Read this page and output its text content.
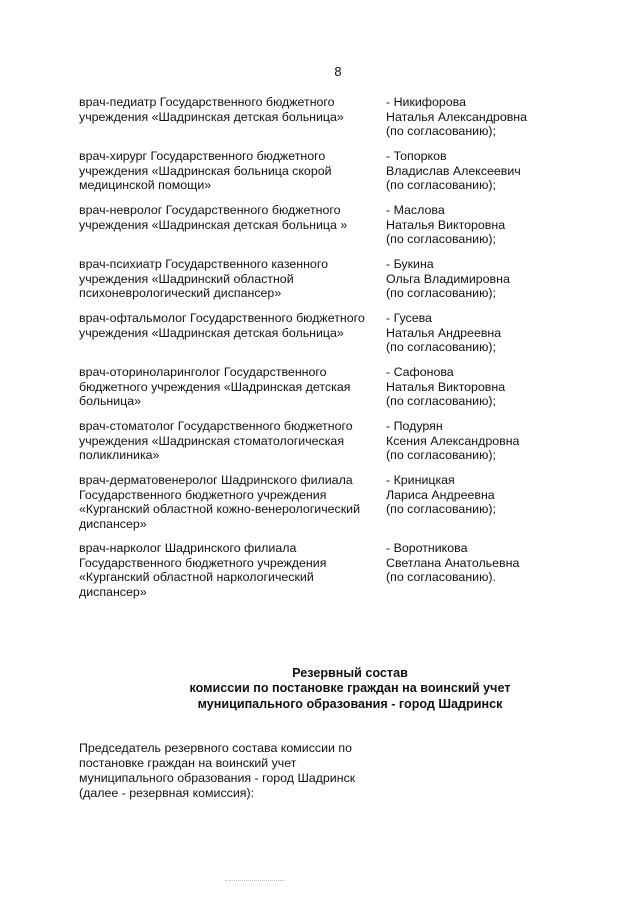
8
врач-педиатр Государственного бюджетного
учреждения «Шадринская детская больница»
- Никифорова
Наталья Александровна
(по согласованию);
врач-хирург Государственного бюджетного
учреждения «Шадринская больница скорой
медицинской помощи»
- Топорков
Владислав Алексеевич
(по согласованию);
врач-невролог Государственного бюджетного
учреждения «Шадринская детская больница »
- Маслова
Наталья Викторовна
(по согласованию);
врач-психиатр Государственного казенного
учреждения «Шадринский областной
психоневрологический диспансер»
- Букина
Ольга Владимировна
(по согласованию);
врач-офтальмолог Государственного бюджетного
учреждения «Шадринская детская больница»
- Гусева
Наталья Андреевна
(по согласованию);
врач-оториноларинголог Государственного
бюджетного учреждения «Шадринская детская
больница»
- Сафонова
Наталья Викторовна
(по согласованию);
врач-стоматолог Государственного бюджетного
учреждения «Шадринская стоматологическая
поликлиника»
- Подурян
Ксения Александровна
(по согласованию);
врач-дерматовенеролог Шадринского филиала
Государственного бюджетного учреждения
«Курганский областной кожно-венерологический
диспансер»
- Криницкая
Лариса Андреевна
(по согласованию);
врач-нарколог Шадринского филиала
Государственного бюджетного учреждения
«Курганский областной наркологический
диспансер»
- Воротникова
Светлана Анатольевна
(по согласованию).
Резервный состав
комиссии по постановке граждан на воинский учет
муниципального образования - город Шадринск
Председатель резервного состава комиссии по
постановке граждан на воинский учет
муниципального образования - город Шадринск
(далее - резервная комиссия):
